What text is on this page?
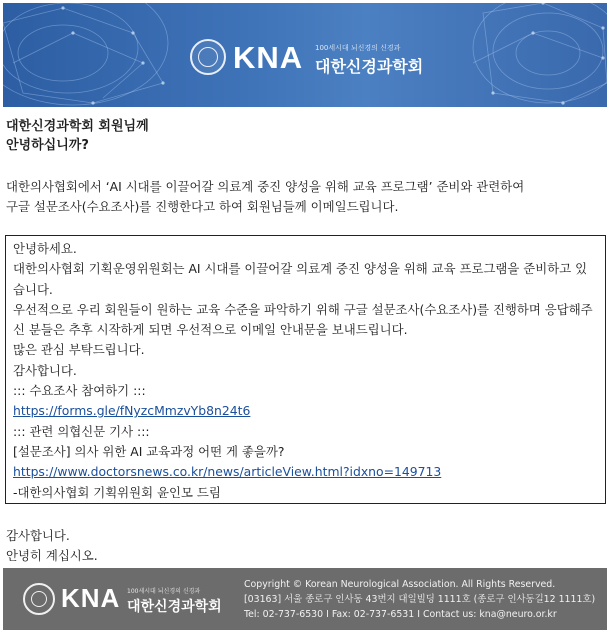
KNA 100세시대 뇌신경의 신경과
대한신경과학회
대한신경과학회 회원님께
안녕하십니까?
대한의사협회에서 ‘AI 시대를 이끌어갈 의료계 중진 양성을 위해 교육 프로그램’ 준비와 관련하여
구글 설문조사(수요조사)를 진행한다고 하여 회원님들께 이메일드립니다.
안녕하세요.
대한의사협회 기획운영위원회는 AI 시대를 이끌어갈 의료계 중진 양성을 위해 교육 프로그램을 준비하고 있습니다.
우선적으로 우리 회원들이 원하는 교육 수준을 파악하기 위해 구글 설문조사(수요조사)를 진행하며 응답해주신 분들은 추후 시작하게 되면 우선적으로 이메일 안내문을 보내드립니다.
많은 관심 부탁드립니다.
감사합니다.
::: 수요조사 참여하기 :::
https://forms.gle/fNyzcMmzvYb8n24t6
::: 관련 의협신문 기사 :::
[설문조사] 의사 위한 AI 교육과정 어떤 게 좋을까?
https://www.doctorsnews.co.kr/news/articleView.html?idxno=149713
-대한의사협회 기획위원회 윤인모 드림
감사합니다.
안녕히 계십시오.
KNA 100세시대 뇌신경의 신경과
대한신경과학회
Copyright © Korean Neurological Association. All Rights Reserved.
[03163] 서울 종로구 인사동 43번지 대일빌딩 1111호 (종로구 인사동길12 1111호)
Tel: 02-737-6530 I Fax: 02-737-6531 I Contact us: kna@neuro.or.kr
